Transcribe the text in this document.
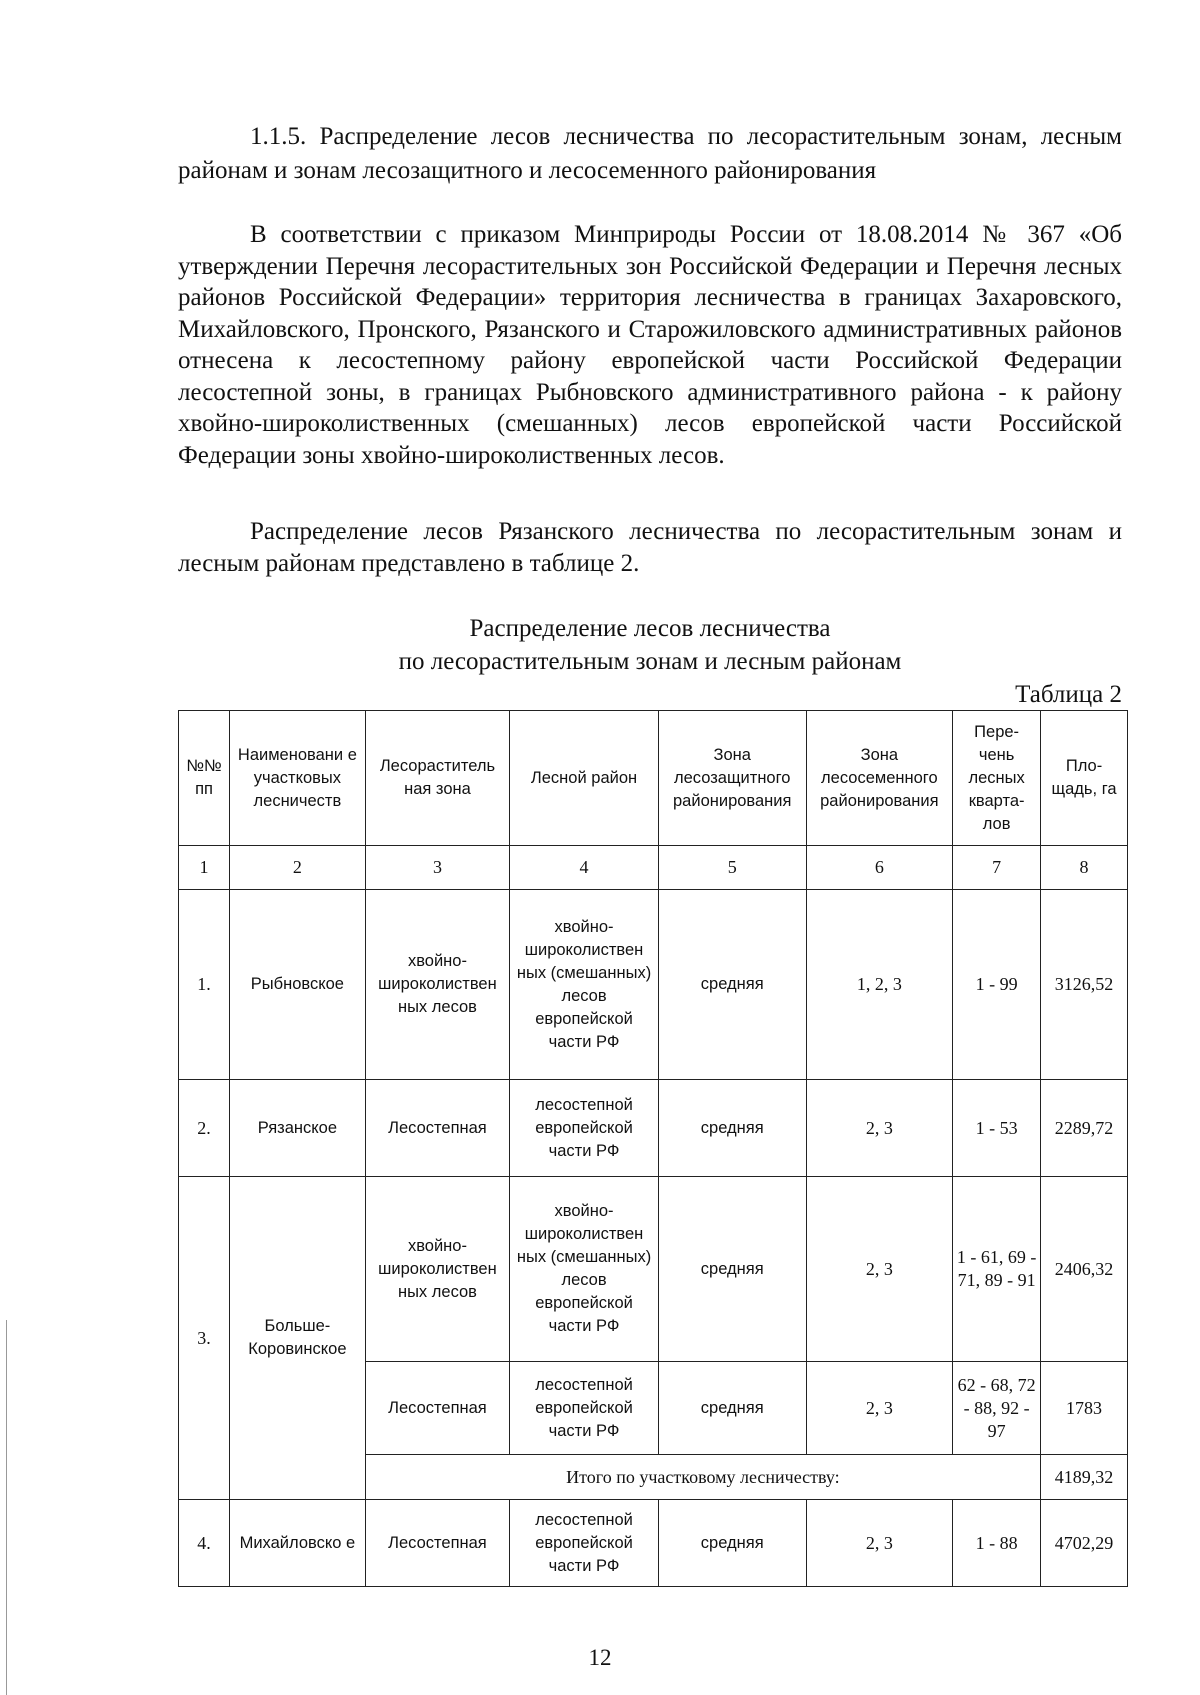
1.1.5. Распределение лесов лесничества по лесорастительным зонам, лесным районам и зонам лесозащитного и лесосеменного районирования
В соответствии с приказом Минприроды России от 18.08.2014 № 367 «Об утверждении Перечня лесорастительных зон Российской Федерации и Перечня лесных районов Российской Федерации» территория лесничества в границах Захаровского, Михайловского, Пронского, Рязанского и Старожиловского административных районов отнесена к лесостепному району европейской части Российской Федерации лесостепной зоны, в границах Рыбновского административного района - к району хвойно-широколиственных (смешанных) лесов европейской части Российской Федерации зоны хвойно-широколиственных лесов.
Распределение лесов Рязанского лесничества по лесорастительным зонам и лесным районам представлено в таблице 2.
Распределение лесов лесничества
по лесорастительным зонам и лесным районам
Таблица 2
№№ пп	Наименовани е участковых лесничеств	Лесораститель ная зона	Лесной район	Зона лесозащитного районирования	Зона лесосеменного районирования	Пере- чень лесных кварта- лов	Пло- щадь, га
1	2	3	4	5	6	7	8
1.	Рыбновское	хвойно- широколиствен ных лесов	хвойно- широколиствен ных (смешанных) лесов европейской части РФ	средняя	1, 2, 3	1 - 99	3126,52
2.	Рязанское	Лесостепная	лесостепной европейской части РФ	средняя	2, 3	1 - 53	2289,72
3.	Больше- Коровинское	хвойно- широколиствен ных лесов	хвойно- широколиствен ных (смешанных) лесов европейской части РФ	средняя	2, 3	1 - 61, 69 - 71, 89 - 91	2406,32
		Лесостепная	лесостепной европейской части РФ	средняя	2, 3	62 - 68, 72 - 88, 92 - 97	1783
		Итого по участковому лесничеству:					4189,32
4.	Михайловско е	Лесостепная	лесостепной европейской части РФ	средняя	2, 3	1 - 88	4702,29
12
